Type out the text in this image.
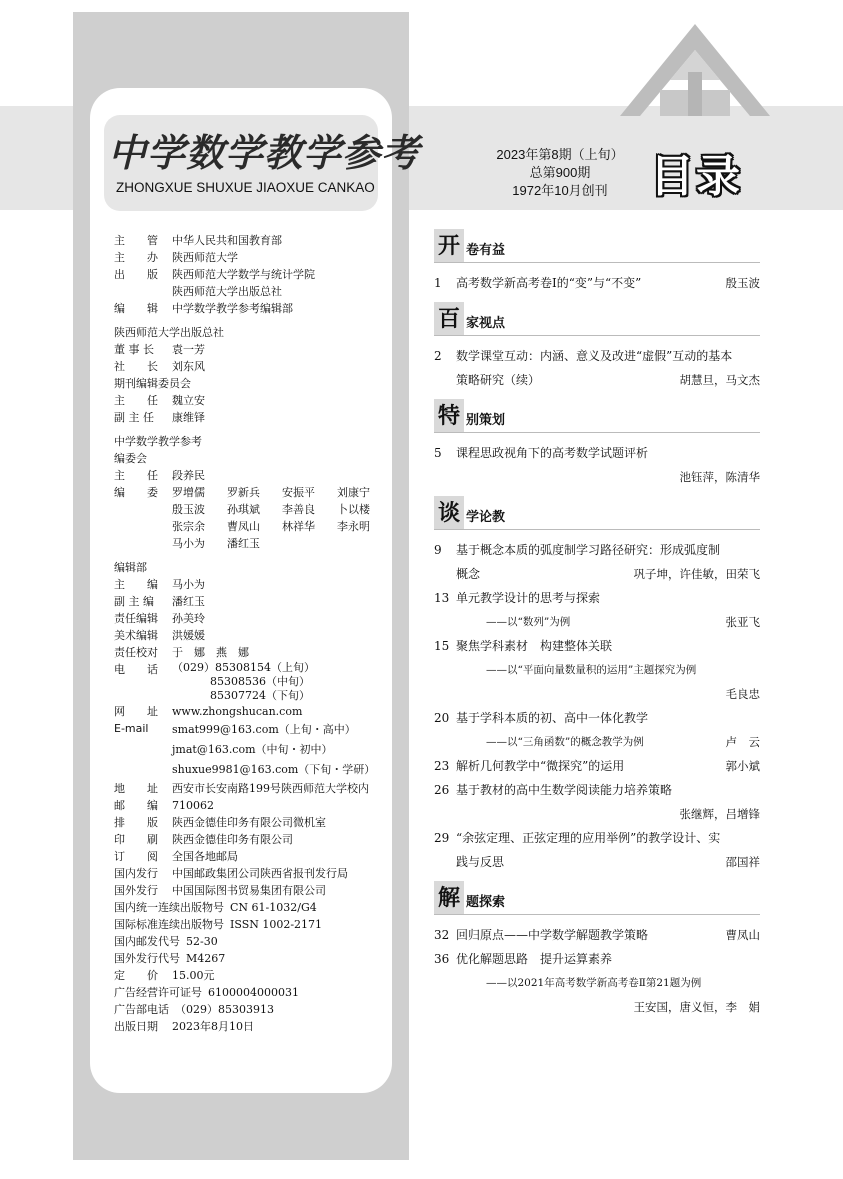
中学数学教学参考
ZHONGXUE SHUXUE JIAOXUE CANKAO
2023年第8期（上旬）
总第900期
1972年10月创刊 目录
主　　管	中华人民共和国教育部
主　　办	陕西师范大学
出　　版	陕西师范大学数学与统计学院
陕西师范大学出版总社
编　　辑	中学数学教学参考编辑部
陕西师范大学出版总社
董 事 长	袁一芳
社　　长	刘东风
期刊编辑委员会
主　　任	魏立安
副 主 任	康维铎
中学数学教学参考
编委会
主　　任	段养民
编　　委	罗增儒	罗新兵	安振平	刘康宁
殷玉波	孙琪斌	李善良	卜以楼
张宗余	曹凤山	林祥华	李永明
马小为	潘红玉
编辑部
主　　编	马小为
副 主 编	潘红玉
责任编辑	孙美玲
美术编辑	洪媛媛
责任校对	于　娜　燕　娜
电　　话	（029）85308154（上旬）
85308536（中旬）
85307724（下旬）
网　　址	www.zhongshucan.com
E-mail	smat999@163.com（上旬・高中）
jmat@163.com（中旬・初中）
shuxue9981@163.com（下旬・学研）
地　　址	西安市长安南路199号陕西师范大学校内
邮　　编	710062
排　　版	陕西金德佳印务有限公司微机室
印　　刷	陕西金德佳印务有限公司
订　　阅	全国各地邮局
国内发行	中国邮政集团公司陕西省报刊发行局
国外发行	中国国际图书贸易集团有限公司
国内统一连续出版物号 CN 61-1032/G4
国际标准连续出版物号 ISSN 1002-2171
国内邮发代号 52-30
国外发行代号 M4267
定　　价	15.00元
广告经营许可证号 6100004000031
广告部电话 （029）85303913
出版日期	2023年8月10日
开 卷有益
1	高考数学新高考卷Ⅰ的“变”与“不变”	殷玉波
百 家视点
2	数学课堂互动：内涵、意义及改进“虚假”互动的基本
策略研究（续）	胡慧旦，马文杰
特 别策划
5	课程思政视角下的高考数学试题评析
池钰萍，陈清华
谈 学论教
9	基于概念本质的弧度制学习路径研究：形成弧度制
概念	巩子坤，许佳敏，田荣飞
13 单元教学设计的思考与探索
——以“数列”为例	张亚飞
15 聚焦学科素材　构建整体关联
——以“平面向量数量积的运用”主题探究为例
毛良忠
20 基于学科本质的初、高中一体化教学
——以“三角函数”的概念教学为例	卢　云
23 解析几何教学中“微探究”的运用	郭小斌
26 基于教材的高中生数学阅读能力培养策略
张继辉，吕增锋
29 “余弦定理、正弦定理的应用举例”的教学设计、实
践与反思	邵国祥
解 题探索
32 回归原点——中学数学解题教学策略	曹凤山
36 优化解题思路　提升运算素养
——以2021年高考数学新高考卷Ⅱ第21题为例
王安国，唐义恒，李　娟
